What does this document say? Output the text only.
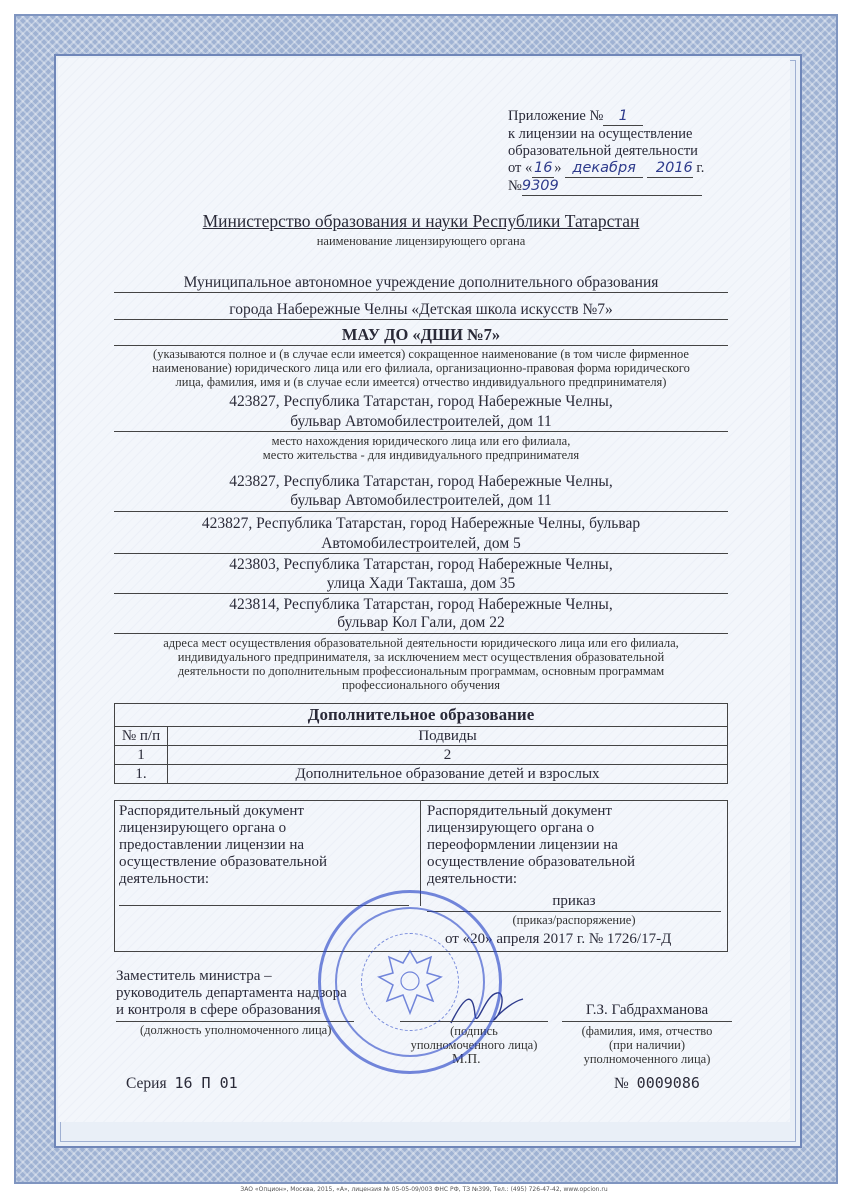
Приложение № 1
к лицензии на осуществление
образовательной деятельности
от « 16 » декабря 2016 г.
№9309
Министерство образования и науки Республики Татарстан
наименование лицензирующего органа
Муниципальное автономное учреждение дополнительного образования
города Набережные Челны «Детская школа искусств №7»
МАУ ДО «ДШИ №7»
(указываются полное и (в случае если имеется) сокращенное наименование (в том числе фирменное
наименование) юридического лица или его филиала, организационно-правовая форма юридического
лица, фамилия, имя и (в случае если имеется) отчество индивидуального предпринимателя)
423827, Республика Татарстан, город Набережные Челны,
бульвар Автомобилестроителей, дом 11
место нахождения юридического лица или его филиала,
место жительства - для индивидуального предпринимателя
423827, Республика Татарстан, город Набережные Челны,
бульвар Автомобилестроителей, дом 11
423827, Республика Татарстан, город Набережные Челны, бульвар
Автомобилестроителей, дом 5
423803, Республика Татарстан, город Набережные Челны,
улица Хади Такташа, дом 35
423814, Республика Татарстан, город Набережные Челны,
бульвар Кол Гали, дом 22
адреса мест осуществления образовательной деятельности юридического лица или его филиала,
индивидуального предпринимателя, за исключением мест осуществления образовательной
деятельности по дополнительным профессиональным программам, основным программам
профессионального обучения
Дополнительное образование	
№ п/п	Подвиды
1	2
1.	Дополнительное образование детей и взрослых
Распорядительный документ
лицензирующего органа о
предоставлении лицензии на
осуществление образовательной
деятельности:
Распорядительный документ
лицензирующего органа о
переоформлении лицензии на
осуществление образовательной
деятельности:
приказ
(приказ/распоряжение)
от «20» апреля 2017 г. № 1726/17-Д
Заместитель министра –
руководитель департамента надзора
и контроля в сфере образования
(должность уполномоченного лица)	(подпись
уполномоченного лица)
М.П.
Г.З. Габдрахманова
(фамилия, имя, отчество
(при наличии)
уполномоченного лица)
Серия 16 П 01	№ 0009086
ЗАО «Опцион», Москва, 2015, «А», лицензия № 05-05-09/003 ФНС РФ, ТЗ №399, Тел.: (495) 726-47-42, www.opcion.ru
